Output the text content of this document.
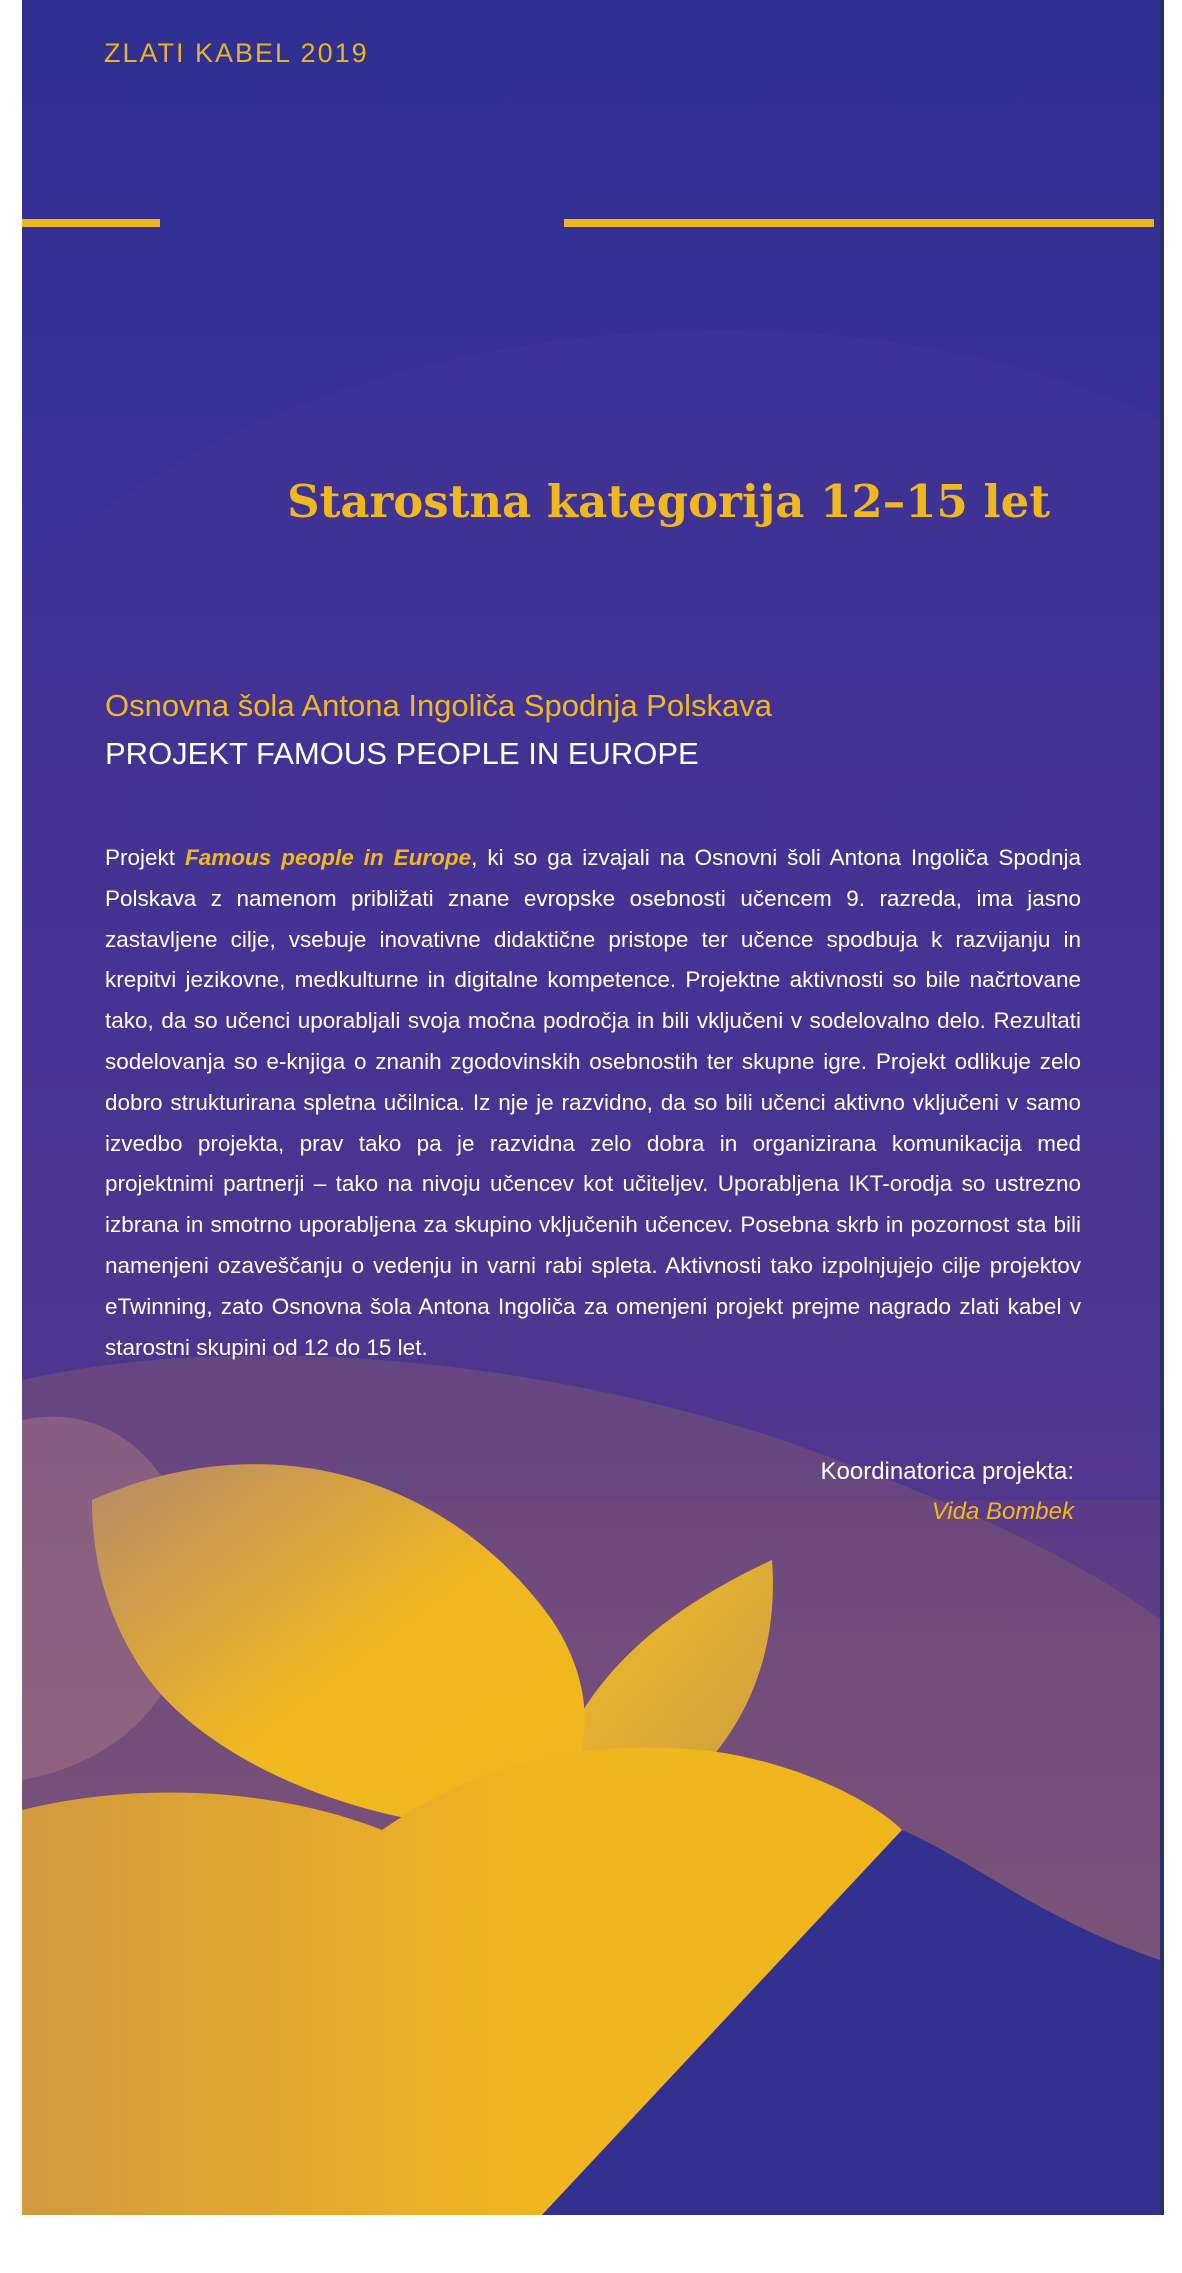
ZLATI KABEL 2019
Starostna kategorija 12–15 let
Osnovna šola Antona Ingoliča Spodnja Polskava
PROJEKT FAMOUS PEOPLE IN EUROPE
Projekt Famous people in Europe, ki so ga izvajali na Osnovni šoli Antona Ingoliča Spodnja Polskava z namenom približati znane evropske osebnosti učencem 9. razreda, ima jasno zastavljene cilje, vsebuje inovativne didaktične pristope ter učence spodbuja k razvijanju in krepitvi jezikovne, medkulturne in digitalne kompetence. Projektne aktivnosti so bile načrtovane tako, da so učenci uporabljali svoja močna področja in bili vključeni v sodelovalno delo. Rezultati sodelovanja so e-knjiga o znanih zgodovinskih osebnostih ter skupne igre. Projekt odlikuje zelo dobro strukturirana spletna učilnica. Iz nje je razvidno, da so bili učenci aktivno vključeni v samo izvedbo projekta, prav tako pa je razvidna zelo dobra in organizirana komunikacija med projektnimi partnerji – tako na nivoju učencev kot učiteljev. Uporabljena IKT-orodja so ustrezno izbrana in smotrno uporabljena za skupino vključenih učencev. Posebna skrb in pozornost sta bili namenjeni ozaveščanju o vedenju in varni rabi spleta. Aktivnosti tako izpolnjujejo cilje projektov eTwinning, zato Osnovna šola Antona Ingoliča za omenjeni projekt prejme nagrado zlati kabel v starostni skupini od 12 do 15 let.
Koordinatorica projekta:
Vida Bombek
